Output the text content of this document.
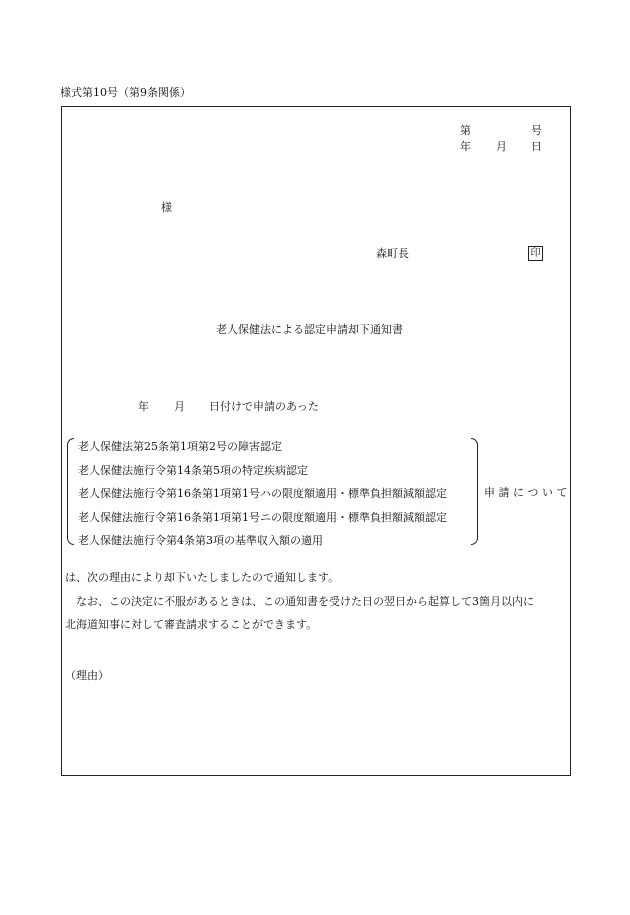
様式第10号（第9条関係）
第	号
年 月 日
様
森町長	印
老人保健法による認定申請却下通知書
年 月 日付けで申請のあった
老人保健法第25条第1項第2号の障害認定
老人保健法施行令第14条第5項の特定疾病認定
老人保健法施行令第16条第1項第1号ハの限度額適用・標準負担額減額認定
老人保健法施行令第16条第1項第1号ニの限度額適用・標準負担額減額認定
老人保健法施行令第4条第3項の基準収入額の適用
申 請 に つ い て
は、次の理由により却下いたしましたので通知します。
　なお、この決定に不服があるときは、この通知書を受けた日の翌日から起算して3箇月以内に
北海道知事に対して審査請求することができます。
（理由）
